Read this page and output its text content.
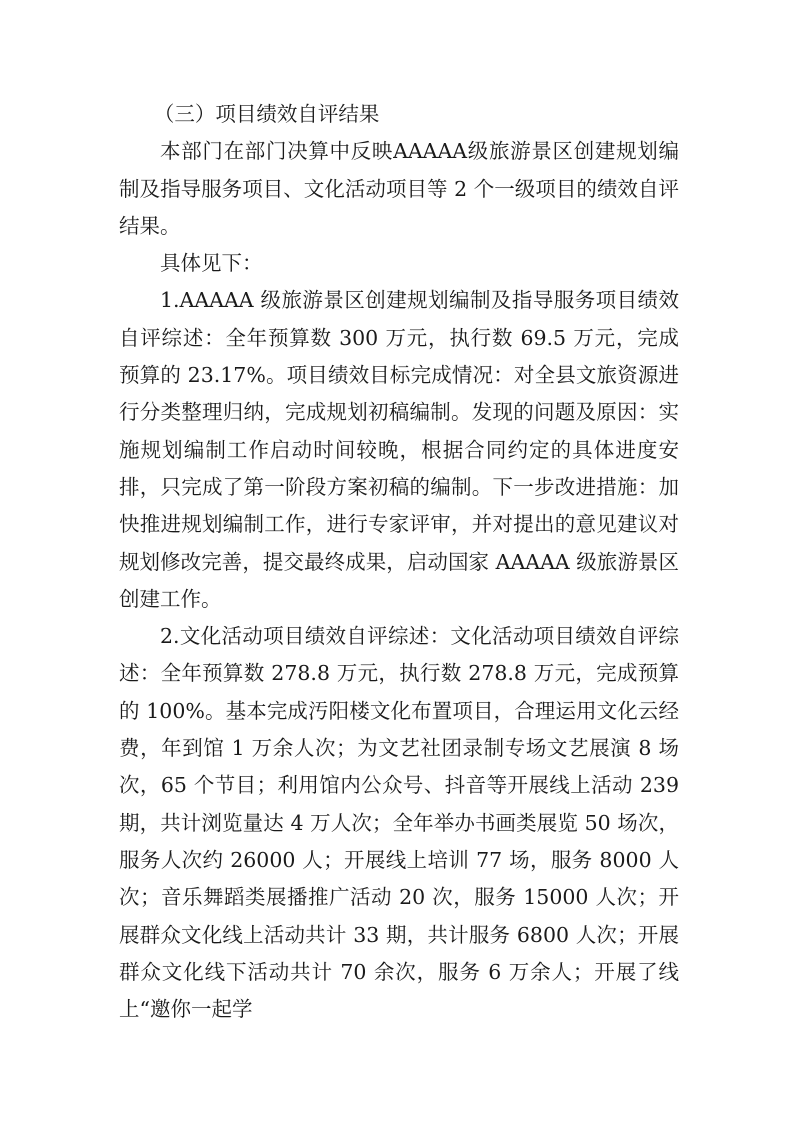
（三）项目绩效自评结果

本部门在部门决算中反映AAAAA级旅游景区创建规划编制及指导服务项目、文化活动项目等 2 个一级项目的绩效自评结果。

具体见下：

1.AAAAA 级旅游景区创建规划编制及指导服务项目绩效自评综述：全年预算数 300 万元，执行数 69.5 万元，完成预算的 23.17%。项目绩效目标完成情况：对全县文旅资源进行分类整理归纳，完成规划初稿编制。发现的问题及原因：实施规划编制工作启动时间较晚，根据合同约定的具体进度安排，只完成了第一阶段方案初稿的编制。下一步改进措施：加快推进规划编制工作，进行专家评审，并对提出的意见建议对规划修改完善，提交最终成果，启动国家 AAAAA 级旅游景区创建工作。

2.文化活动项目绩效自评综述：文化活动项目绩效自评综述：全年预算数 278.8 万元，执行数 278.8 万元，完成预算的 100%。基本完成汚阳楼文化布置项目，合理运用文化云经费，年到馆 1 万余人次；为文艺社团录制专场文艺展演 8 场次，65 个节目；利用馆内公众号、抖音等开展线上活动 239 期，共计浏览量达 4 万人次；全年举办书画类展览 50 场次，服务人次约 26000 人；开展线上培训 77 场，服务 8000 人次；音乐舞蹈类展播推广活动 20 次，服务 15000 人次；开展群众文化线上活动共计 33 期，共计服务 6800 人次；开展群众文化线下活动共计 70 余次，服务 6 万余人；开展了线上“邀你一起学
